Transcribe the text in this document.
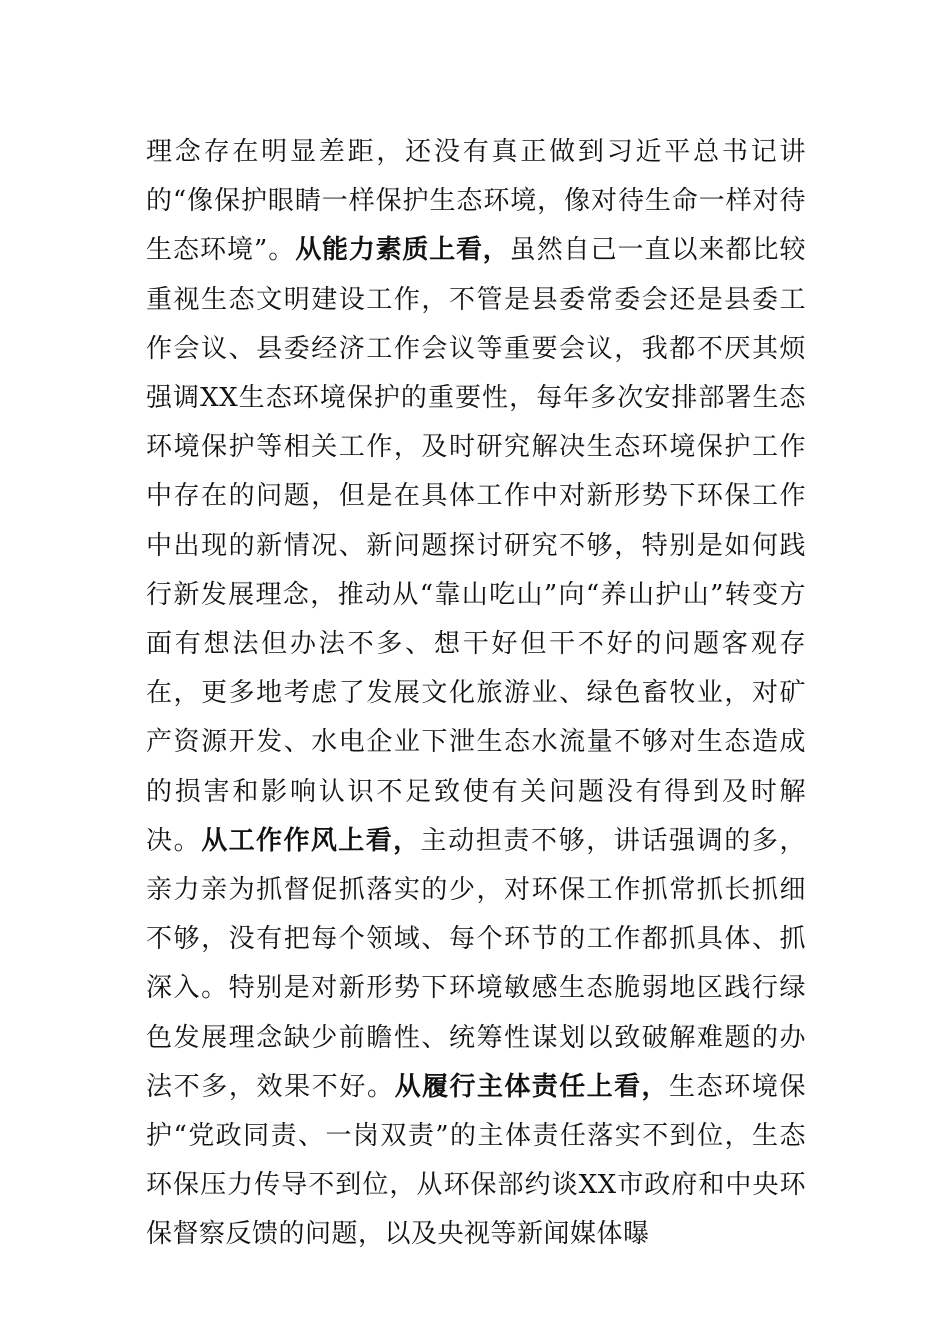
理念存在明显差距，还没有真正做到习近平总书记讲的“像保护眼睛一样保护生态环境，像对待生命一样对待生态环境”。从能力素质上看，虽然自己一直以来都比较重视生态文明建设工作，不管是县委常委会还是县委工作会议、县委经济工作会议等重要会议，我都不厌其烦强调XX生态环境保护的重要性，每年多次安排部署生态环境保护等相关工作，及时研究解决生态环境保护工作中存在的问题，但是在具体工作中对新形势下环保工作中出现的新情况、新问题探讨研究不够，特别是如何践行新发展理念，推动从“靠山吃山”向“养山护山”转变方面有想法但办法不多、想干好但干不好的问题客观存在，更多地考虑了发展文化旅游业、绿色畜牧业，对矿产资源开发、水电企业下泄生态水流量不够对生态造成的损害和影响认识不足致使有关问题没有得到及时解决。从工作作风上看，主动担责不够，讲话强调的多，亲力亲为抓督促抓落实的少，对环保工作抓常抓长抓细不够，没有把每个领域、每个环节的工作都抓具体、抓深入。特别是对新形势下环境敏感生态脆弱地区践行绿色发展理念缺少前瞻性、统筹性谋划以致破解难题的办法不多，效果不好。从履行主体责任上看，生态环境保护“党政同责、一岗双责”的主体责任落实不到位，生态环保压力传导不到位，从环保部约谈XX市政府和中央环保督察反馈的问题，以及央视等新闻媒体曝
